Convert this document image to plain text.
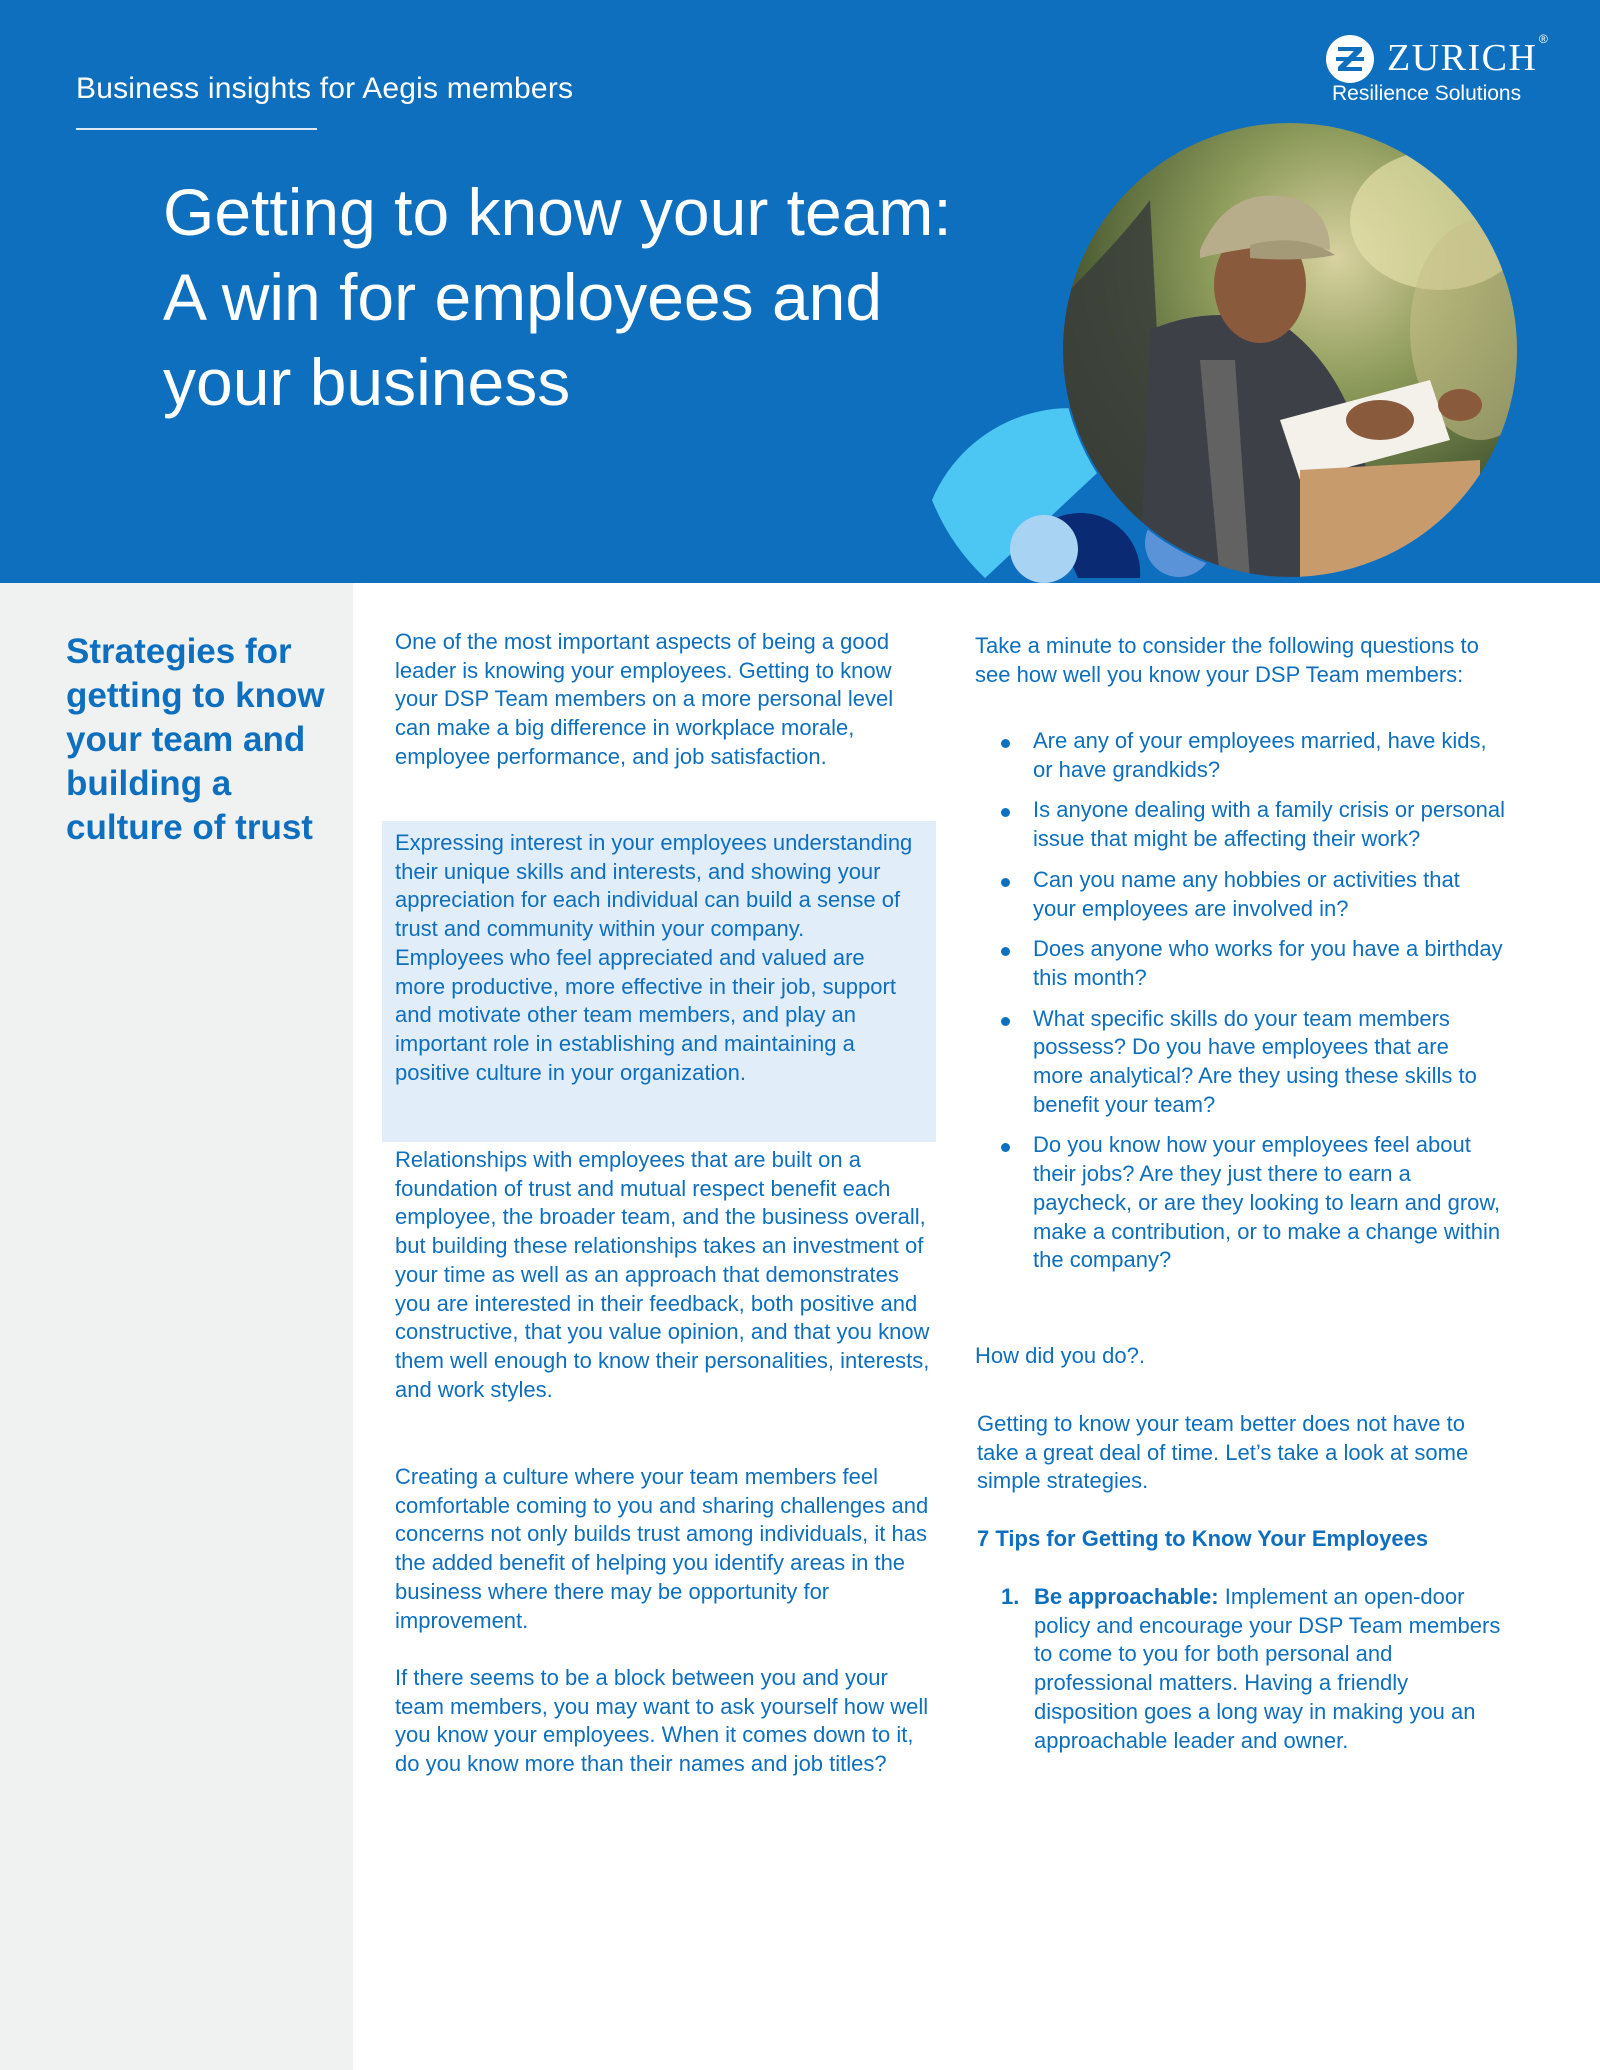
Business insights for Aegis members
ZURICH ®
Resilience Solutions
Getting to know your team:
A win for employees and
your business
Strategies for getting to know your team and building a culture of trust

One of the most important aspects of being a good leader is knowing your employees. Getting to know your DSP Team members on a more personal level can make a big difference in workplace morale, employee performance, and job satisfaction.

Expressing interest in your employees understanding their unique skills and interests, and showing your appreciation for each individual can build a sense of trust and community within your company. Employees who feel appreciated and valued are more productive, more effective in their job, support and motivate other team members, and play an important role in establishing and maintaining a positive culture in your organization.

Relationships with employees that are built on a foundation of trust and mutual respect benefit each employee, the broader team, and the business overall, but building these relationships takes an investment of your time as well as an approach that demonstrates you are interested in their feedback, both positive and constructive, that you value opinion, and that you know them well enough to know their personalities, interests, and work styles.

Creating a culture where your team members feel comfortable coming to you and sharing challenges and concerns not only builds trust among individuals, it has the added benefit of helping you identify areas in the business where there may be opportunity for improvement.

If there seems to be a block between you and your team members, you may want to ask yourself how well you know your employees. When it comes down to it, do you know more than their names and job titles?

Take a minute to consider the following questions to see how well you know your DSP Team members:

Are any of your employees married, have kids, or have grandkids?
Is anyone dealing with a family crisis or personal issue that might be affecting their work?
Can you name any hobbies or activities that your employees are involved in?
Does anyone who works for you have a birthday this month?
What specific skills do your team members possess? Do you have employees that are more analytical? Are they using these skills to benefit your team?
Do you know how your employees feel about their jobs? Are they just there to earn a paycheck, or are they looking to learn and grow, make a contribution, or to make a change within the company?

How did you do?.

Getting to know your team better does not have to take a great deal of time. Let’s take a look at some simple strategies.

7 Tips for Getting to Know Your Employees

1. Be approachable: Implement an open-door policy and encourage your DSP Team members to come to you for both personal and professional matters. Having a friendly disposition goes a long way in making you an approachable leader and owner.
